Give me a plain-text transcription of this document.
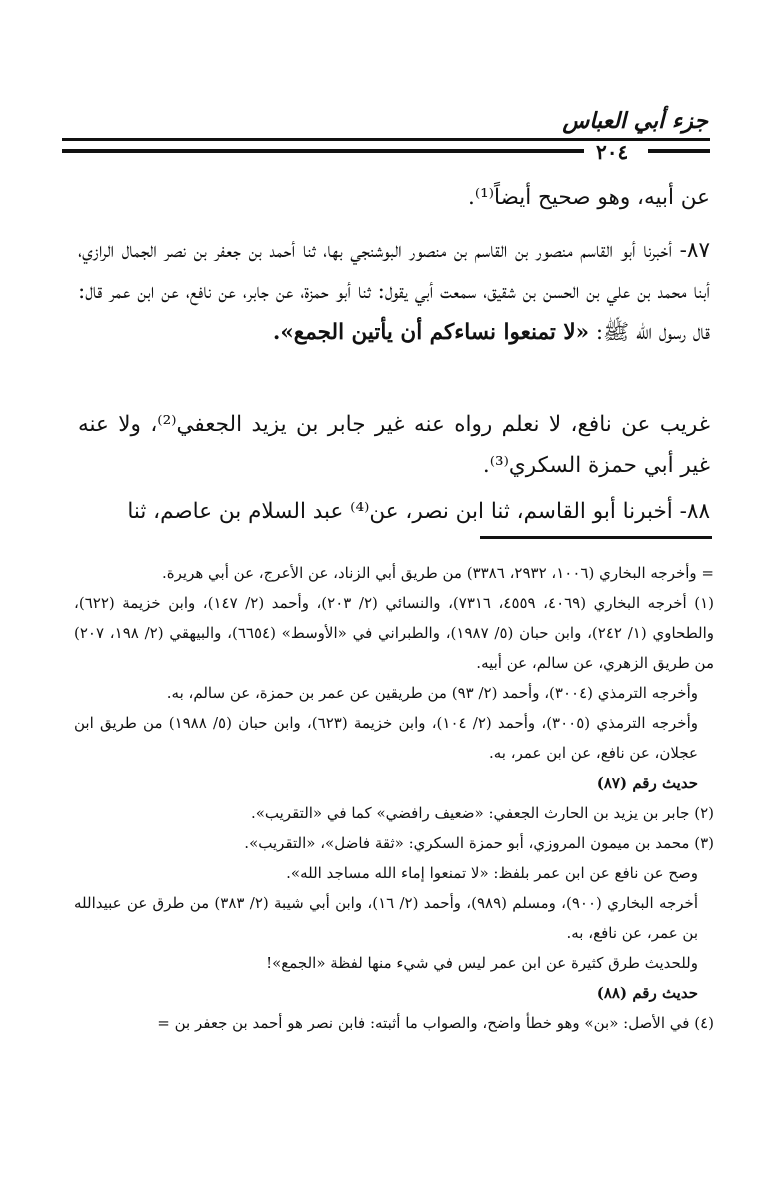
جزء أبي العباس
٢٠٤

عن أبيه، وهو صحيح أيضاً⁽¹⁾.

٨٧- أخبرنا أبو القاسم منصور بن القاسم بن منصور البوشنجي بها، ثنا أحمد بن جعفر بن نصر الجمال الرازي، أبنا محمد بن علي بن الحسن بن شقيق، سمعت أبي يقول: ثنا أبو حمزة، عن جابر، عن نافع، عن ابن عمر قال: قال رسول الله ﷺ: «لا تمنعوا نساءكم أن يأتين الجمع».

غريب عن نافع، لا نعلم رواه عنه غير جابر بن يزيد الجعفي⁽²⁾، ولا عنه غير أبي حمزة السكري⁽³⁾.

٨٨- أخبرنا أبو القاسم، ثنا ابن نصر، عن⁽⁴⁾ عبد السلام بن عاصم، ثنا

= وأخرجه البخاري (١٠٠٦، ٢٩٣٢، ٣٣٨٦) من طريق أبي الزناد، عن الأعرج، عن أبي هريرة.

(١) أخرجه البخاري (٤٠٦٩، ٤٥٥٩، ٧٣١٦)، والنسائي (٢/ ٢٠٣)، وأحمد (٢/ ١٤٧)، وابن خزيمة (٦٢٢)، والطحاوي (١/ ٢٤٢)، وابن حبان (٥/ ١٩٨٧)، والطبراني في «الأوسط» (٦٦٥٤)، والبيهقي (٢/ ١٩٨، ٢٠٧) من طريق الزهري، عن سالم، عن أبيه.

وأخرجه الترمذي (٣٠٠٤)، وأحمد (٢/ ٩٣) من طريقين عن عمر بن حمزة، عن سالم، به.

وأخرجه الترمذي (٣٠٠٥)، وأحمد (٢/ ١٠٤)، وابن خزيمة (٦٢٣)، وابن حبان (٥/ ١٩٨٨) من طريق ابن عجلان، عن نافع، عن ابن عمر، به.

حديث رقم (٨٧)

(٢) جابر بن يزيد بن الحارث الجعفي: «ضعيف رافضي» كما في «التقريب».

(٣) محمد بن ميمون المروزي، أبو حمزة السكري: «ثقة فاضل»، «التقريب».

وصح عن نافع عن ابن عمر بلفظ: «لا تمنعوا إماء الله مساجد الله».

أخرجه البخاري (٩٠٠)، ومسلم (٩٨٩)، وأحمد (٢/ ١٦)، وابن أبي شيبة (٢/ ٣٨٣) من طرق عن عبيدالله بن عمر، عن نافع، به.

وللحديث طرق كثيرة عن ابن عمر ليس في شيء منها لفظة «الجمع»!

حديث رقم (٨٨)

(٤) في الأصل: «بن» وهو خطأ واضح، والصواب ما أثبته: فابن نصر هو أحمد بن جعفر بن =
